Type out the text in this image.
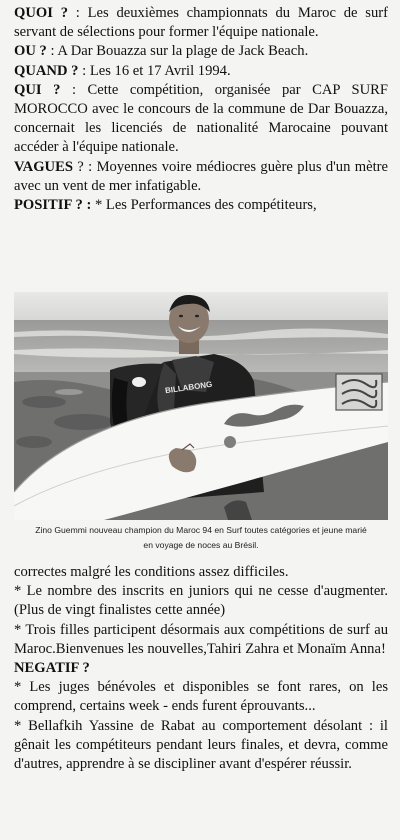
QUOI ? : Les deuxièmes championnats du Maroc de surf servant de sélections pour former l'équipe nationale.

OU ? : A Dar Bouazza sur la plage de Jack Beach.

QUAND ? : Les 16 et 17 Avril 1994.

QUI ? : Cette compétition, organisée par CAP SURF MOROCCO avec le concours de la commune de Dar Bouazza, concernait les licenciés de nationalité Marocaine pouvant accéder à l'équipe nationale.

VAGUES ? : Moyennes voire médiocres guère plus d'un mètre avec un vent de mer infatigable.

POSITIF ? : * Les Performances des compétiteurs,

BILLABONG
Zino Guemmi nouveau champion du Maroc 94 en Surf toutes catégories et jeune marié
en voyage de noces au Brésil.

correctes malgré les conditions assez difficiles.

* Le nombre des inscrits en juniors qui ne cesse d'augmenter. (Plus de vingt finalistes cette année)

* Trois filles participent désormais aux compétitions de surf au Maroc.Bienvenues les nouvelles,Tahiri Zahra et Monaïm Anna!

NEGATIF ?

* Les juges bénévoles et disponibles se font rares, on les comprend, certains week - ends furent éprouvants...

* Bellafkih Yassine de Rabat au comportement désolant : il gênait les compétiteurs pendant leurs finales, et devra, comme d'autres, apprendre à se discipliner avant d'espérer réussir.
